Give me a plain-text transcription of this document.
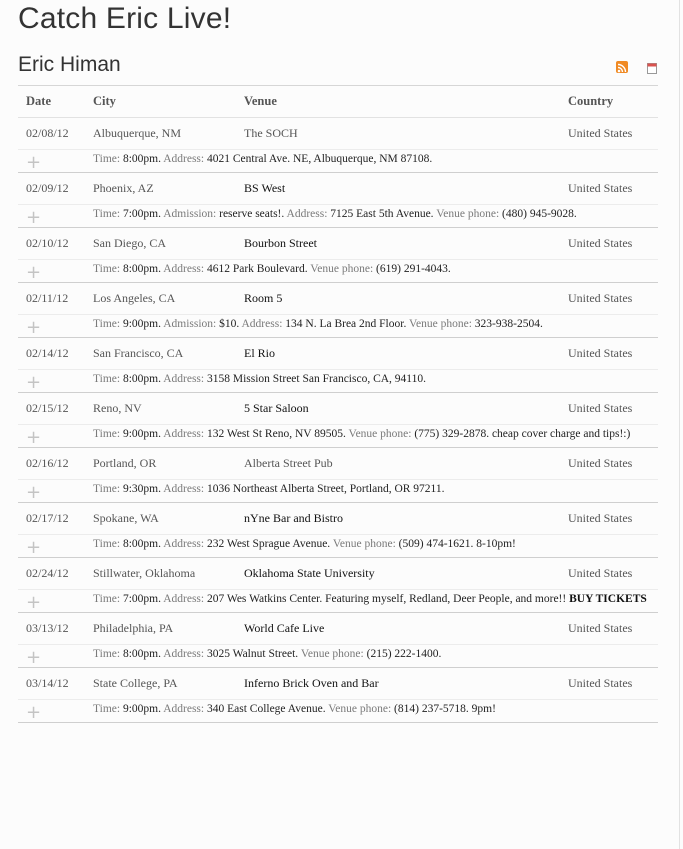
Catch Eric Live!
Eric Himan
Date	City	Venue	Country
02/08/12	Albuquerque, NM	The SOCH	United States

+	Time: 8:00pm. Address: 4021 Central Ave. NE, Albuquerque, NM 87108.		
02/09/12	Phoenix, AZ	BS West	United States

+	Time: 7:00pm. Admission: reserve seats!. Address: 7125 East 5th Avenue. Venue phone: (480) 945-9028.		
02/10/12	San Diego, CA	Bourbon Street	United States

+	Time: 8:00pm. Address: 4612 Park Boulevard. Venue phone: (619) 291-4043.		
02/11/12	Los Angeles, CA	Room 5	United States

+	Time: 9:00pm. Admission: $10. Address: 134 N. La Brea 2nd Floor. Venue phone: 323-938-2504.		
02/14/12	San Francisco, CA	El Rio	United States

+	Time: 8:00pm. Address: 3158 Mission Street San Francisco, CA, 94110.		
02/15/12	Reno, NV	5 Star Saloon	United States

+	Time: 9:00pm. Address: 132 West St Reno, NV 89505. Venue phone: (775) 329-2878. cheap cover charge and tips!:)		
02/16/12	Portland, OR	Alberta Street Pub	United States

+	Time: 9:30pm. Address: 1036 Northeast Alberta Street, Portland, OR 97211.		
02/17/12	Spokane, WA	nYne Bar and Bistro	United States

+	Time: 8:00pm. Address: 232 West Sprague Avenue. Venue phone: (509) 474-1621. 8-10pm!		
02/24/12	Stillwater, Oklahoma	Oklahoma State University	United States

+	Time: 7:00pm. Address: 207 Wes Watkins Center. Featuring myself, Redland, Deer People, and more!! BUY TICKETS		
03/13/12	Philadelphia, PA	World Cafe Live	United States

+	Time: 8:00pm. Address: 3025 Walnut Street. Venue phone: (215) 222-1400.		
03/14/12	State College, PA	Inferno Brick Oven and Bar	United States

+	Time: 9:00pm. Address: 340 East College Avenue. Venue phone: (814) 237-5718. 9pm!		
